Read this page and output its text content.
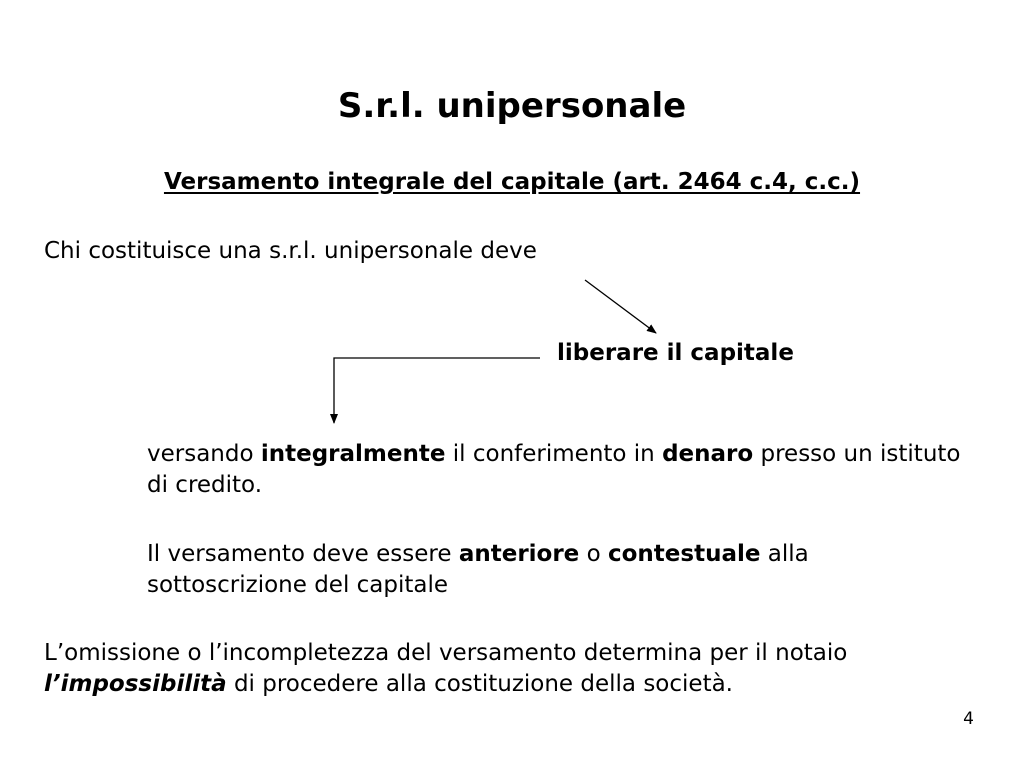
S.r.l. unipersonale
Versamento integrale del capitale (art. 2464 c.4, c.c.)
Chi costituisce una s.r.l. unipersonale deve
liberare il capitale
versando integralmente il conferimento in denaro presso un istituto di credito.
Il versamento deve essere anteriore o contestuale alla sottoscrizione del capitale
L’omissione o l’incompletezza del versamento determina per il notaio
l’impossibilità di procedere alla costituzione della società.
4
